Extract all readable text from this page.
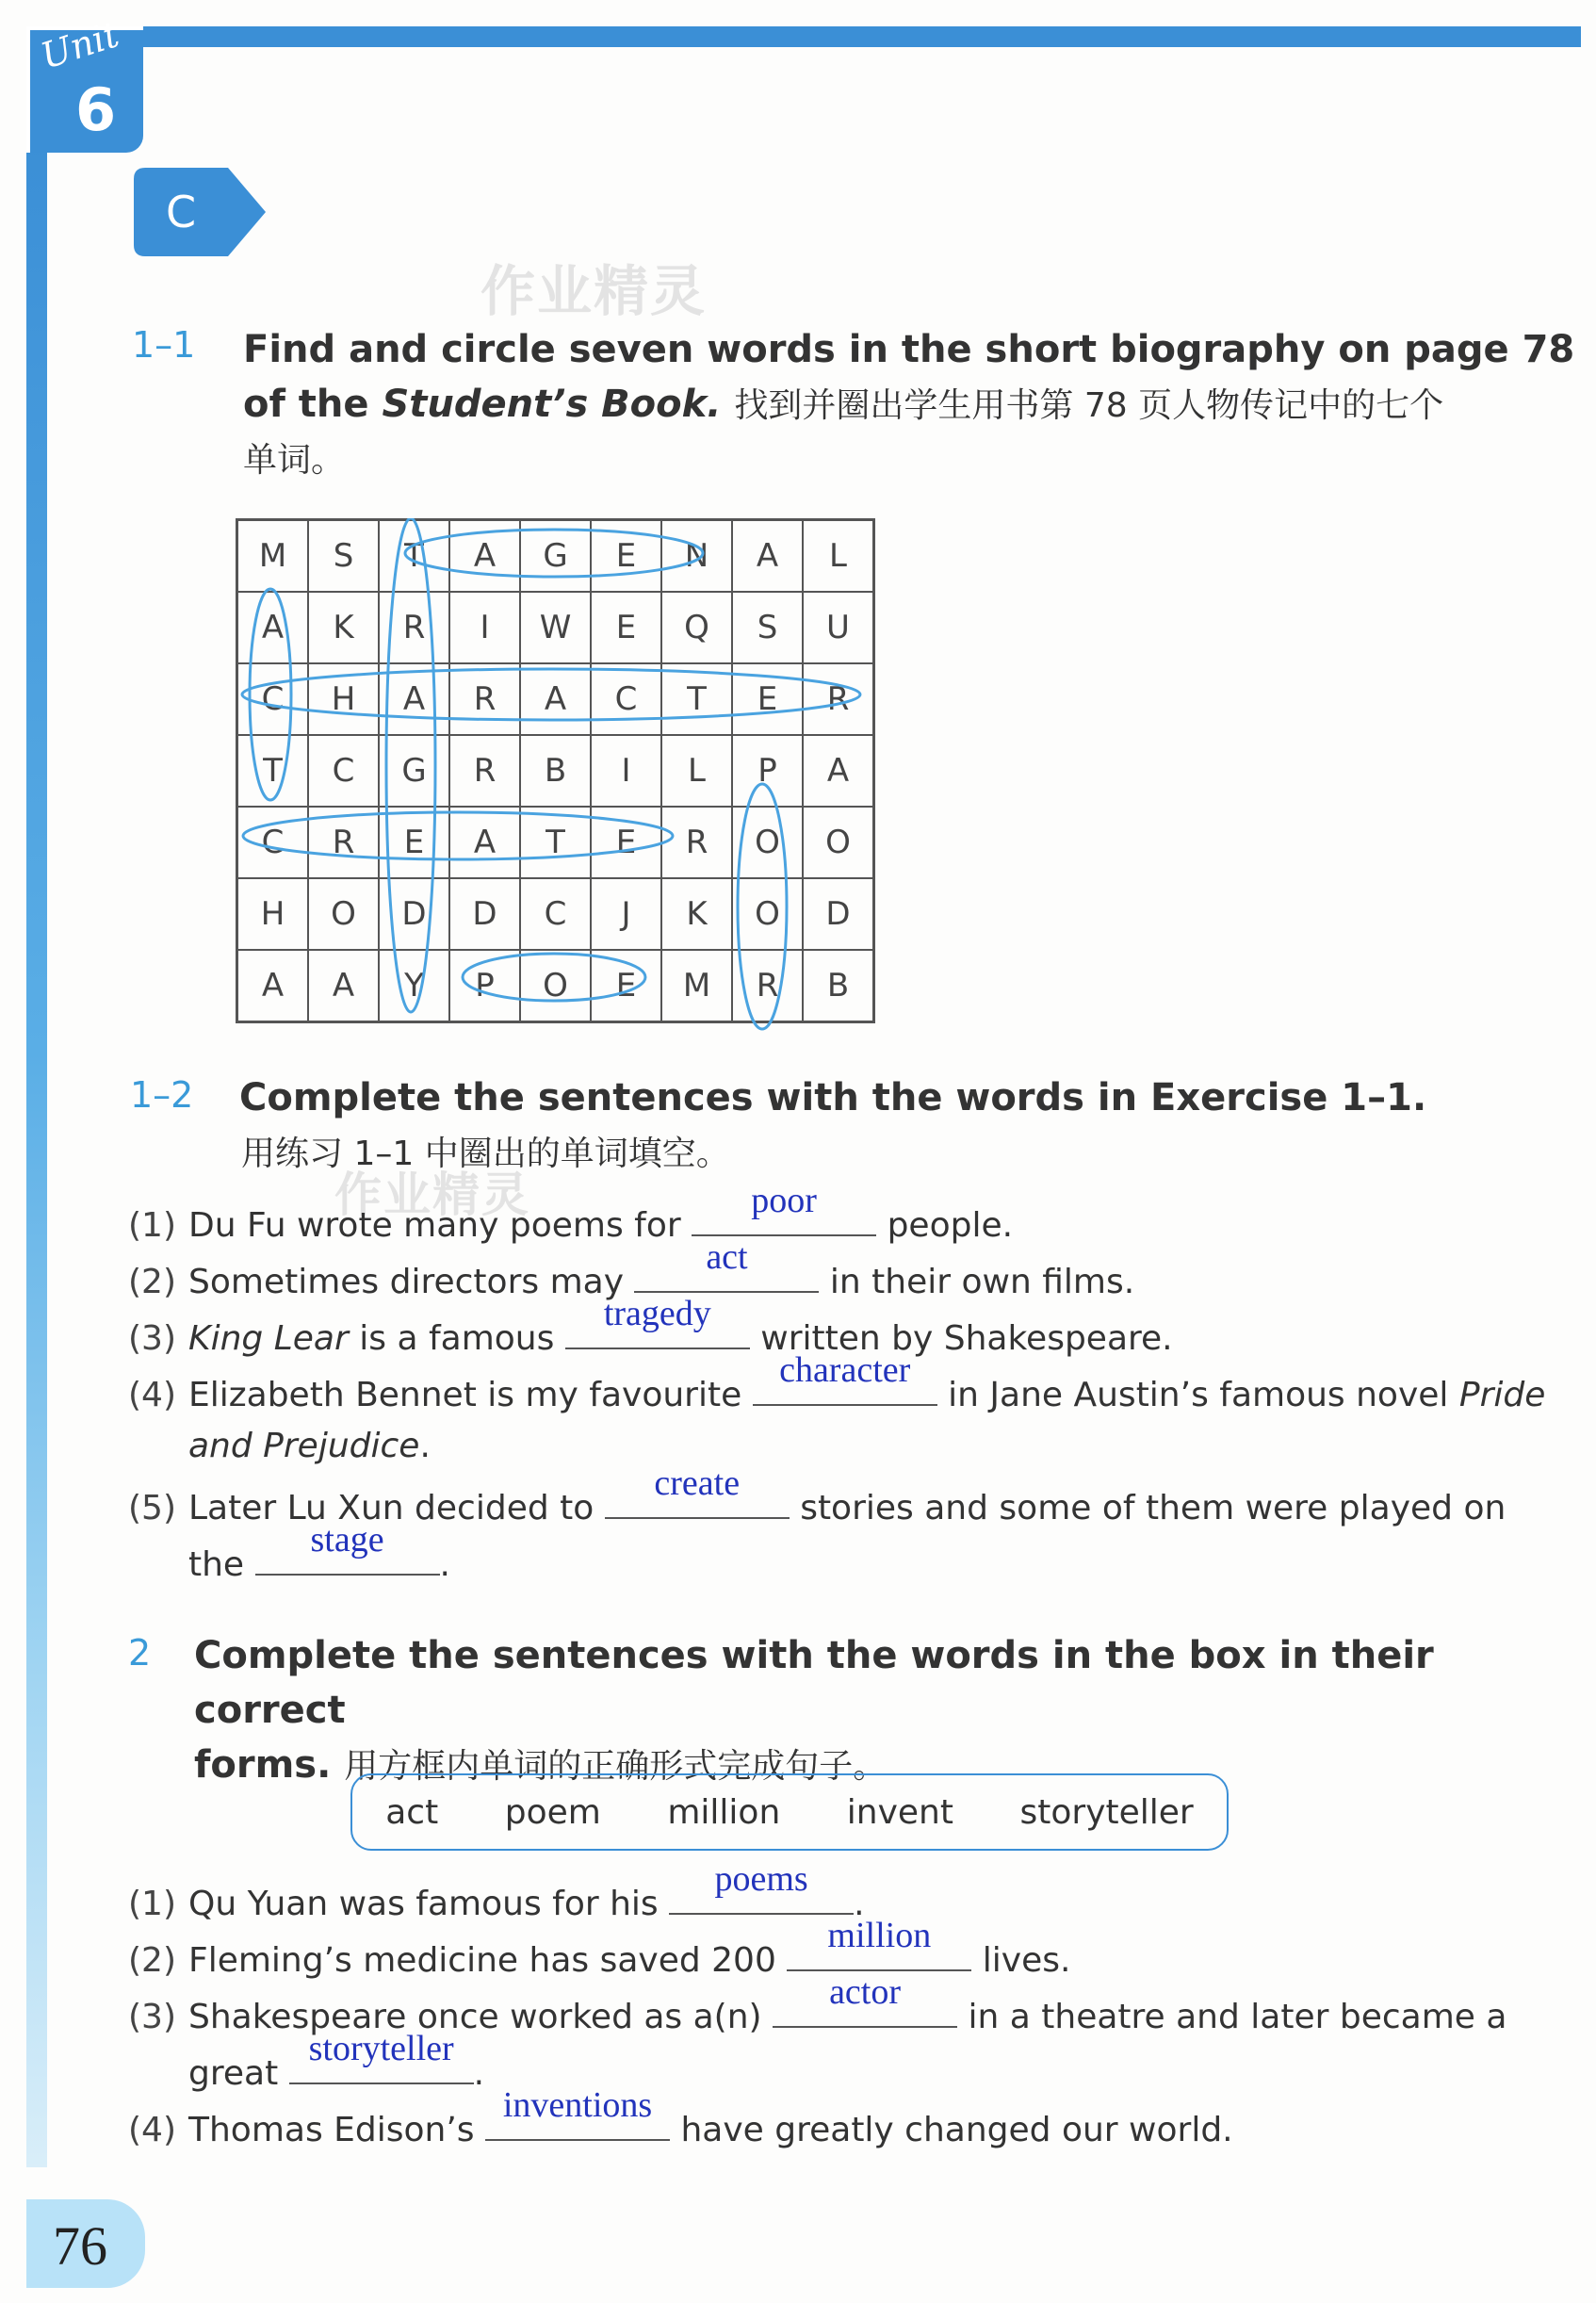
Unit
6
C
作业精灵
作业精灵
1–1 Find and circle seven words in the short biography on page 78
of the Student’s Book. 找到并圈出学生用书第 78 页人物传记中的七个
单词。
M	S	T	A	G	E	N	A	L
A	K	R	I	W	E	Q	S	U
C	H	A	R	A	C	T	E	R
T	C	G	R	B	I	L	P	A
C	R	E	A	T	E	R	O	O
H	O	D	D	C	J	K	O	D
A	A	Y	P	O	E	M	R	B
1–2 Complete the sentences with the words in Exercise 1–1.
用练习 1–1 中圈出的单词填空。
(1) Du Fu wrote many poems for
poor
people.
(2) Sometimes directors may
act
in their own films.
(3) King Lear is a famous
tragedy
written by Shakespeare.
(4) Elizabeth Bennet is my favourite
character
in Jane Austin’s famous novel Pride
and Prejudice.
(5) Later Lu Xun decided to
create
stories and some of them were played on
the
stage
.
2 Complete the sentences with the words in the box in their correct
forms. 用方框内单词的正确形式完成句子。
act poem million invent storyteller
(1) Qu Yuan was famous for his
poems
.
(2) Fleming’s medicine has saved 200
million
lives.
(3) Shakespeare once worked as a(n)
actor
in a theatre and later became a
great
storyteller
.
(4) Thomas Edison’s
inventions
have greatly changed our world.
76
